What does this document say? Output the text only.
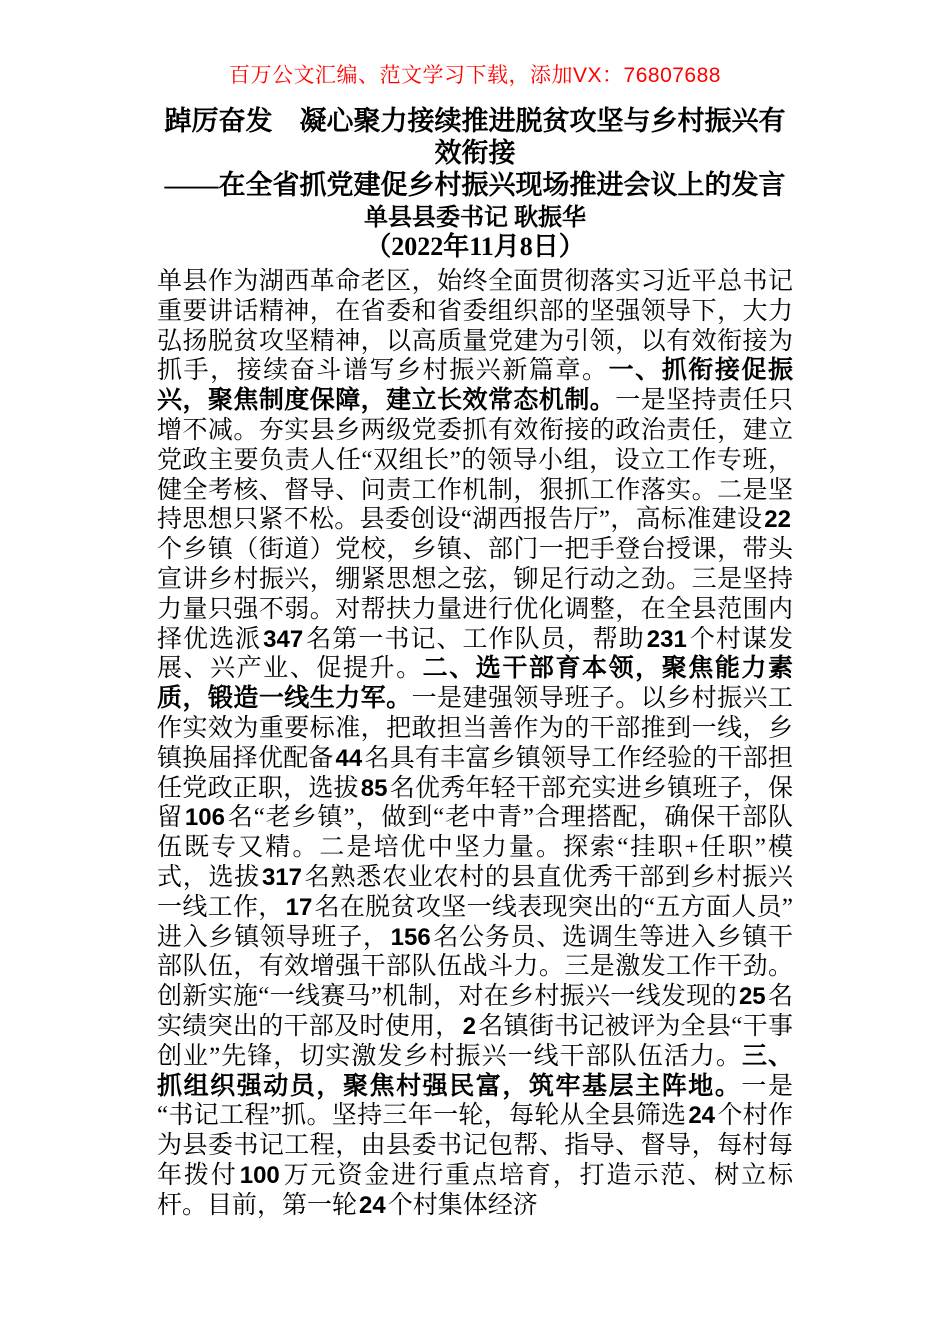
百万公文汇编、范文学习下载，添加VX：76807688
踔厉奋发　凝心聚力接续推进脱贫攻坚与乡村振兴有效衔接
——在全省抓党建促乡村振兴现场推进会议上的发言
单县县委书记 耿振华
（2022年11月8日）

单县作为湖西革命老区，始终全面贯彻落实习近平总书记重要讲话精神，在省委和省委组织部的坚强领导下，大力弘扬脱贫攻坚精神，以高质量党建为引领，以有效衔接为抓手，接续奋斗谱写乡村振兴新篇章。一、抓衔接促振兴，聚焦制度保障，建立长效常态机制。一是坚持责任只增不减。夯实县乡两级党委抓有效衔接的政治责任，建立党政主要负责人任“双组长”的领导小组，设立工作专班，健全考核、督导、问责工作机制，狠抓工作落实。二是坚持思想只紧不松。县委创设“湖西报告厅”，高标准建设22个乡镇（街道）党校，乡镇、部门一把手登台授课，带头宣讲乡村振兴，绷紧思想之弦，铆足行动之劲。三是坚持力量只强不弱。对帮扶力量进行优化调整，在全县范围内择优选派347名第一书记、工作队员，帮助231个村谋发展、兴产业、促提升。二、选干部育本领，聚焦能力素质，锻造一线生力军。一是建强领导班子。以乡村振兴工作实效为重要标准，把敢担当善作为的干部推到一线，乡镇换届择优配备44名具有丰富乡镇领导工作经验的干部担任党政正职，选拔85名优秀年轻干部充实进乡镇班子，保留106名“老乡镇”，做到“老中青”合理搭配，确保干部队伍既专又精。二是培优中坚力量。探索“挂职+任职”模式，选拔317名熟悉农业农村的县直优秀干部到乡村振兴一线工作，17名在脱贫攻坚一线表现突出的“五方面人员”进入乡镇领导班子，156名公务员、选调生等进入乡镇干部队伍，有效增强干部队伍战斗力。三是激发工作干劲。创新实施“一线赛马”机制，对在乡村振兴一线发现的25名实绩突出的干部及时使用，2名镇街书记被评为全县“干事创业”先锋，切实激发乡村振兴一线干部队伍活力。三、抓组织强动员，聚焦村强民富，筑牢基层主阵地。一是“书记工程”抓。坚持三年一轮，每轮从全县筛选24个村作为县委书记工程，由县委书记包帮、指导、督导，每村每年拨付100万元资金进行重点培育，打造示范、树立标杆。目前，第一轮24个村集体经济
